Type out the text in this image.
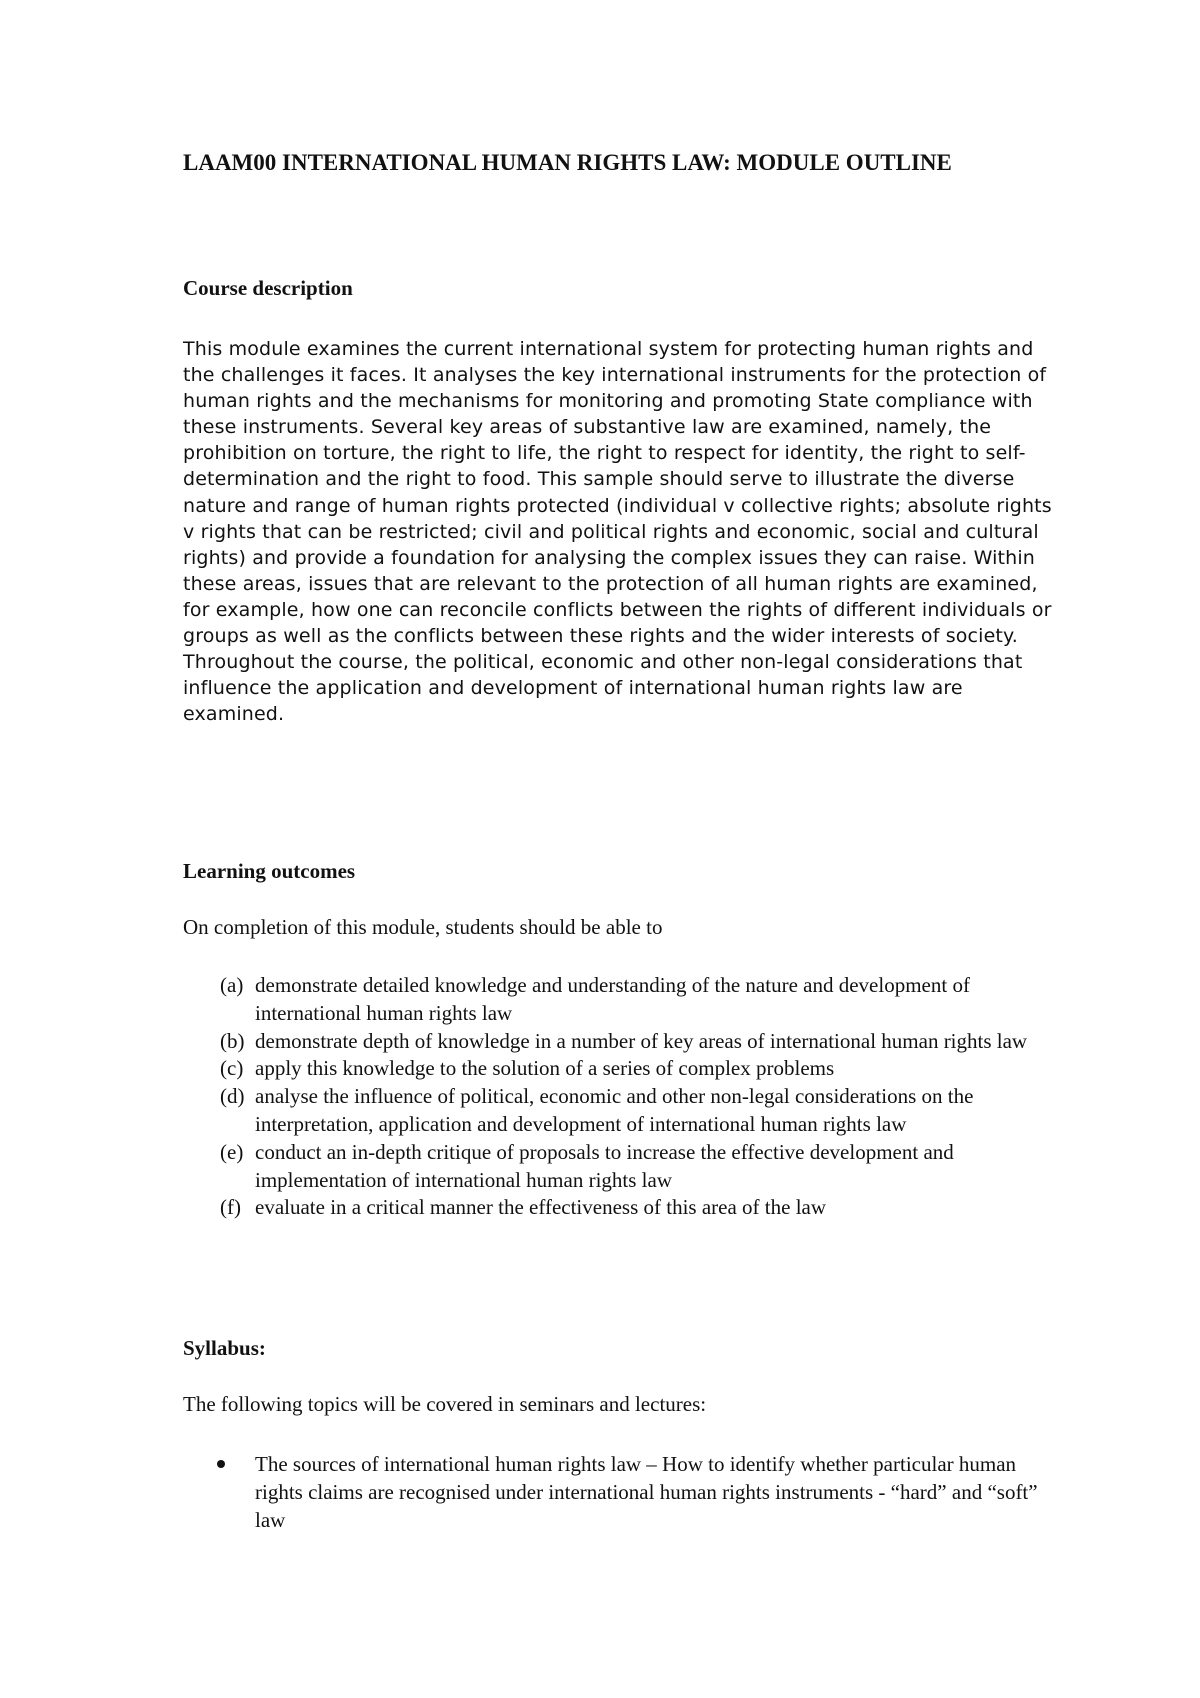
LAAM00 INTERNATIONAL HUMAN RIGHTS LAW: MODULE OUTLINE
Course description

This module examines the current international system for protecting human rights and the challenges it faces. It analyses the key international instruments for the protection of human rights and the mechanisms for monitoring and promoting State compliance with these instruments. Several key areas of substantive law are examined, namely, the prohibition on torture, the right to life, the right to respect for identity, the right to self-determination and the right to food. This sample should serve to illustrate the diverse nature and range of human rights protected (individual v collective rights; absolute rights v rights that can be restricted; civil and political rights and economic, social and cultural rights) and provide a foundation for analysing the complex issues they can raise. Within these areas, issues that are relevant to the protection of all human rights are examined, for example, how one can reconcile conflicts between the rights of different individuals or groups as well as the conflicts between these rights and the wider interests of society. Throughout the course, the political, economic and other non-legal considerations that influence the application and development of international human rights law are examined.

Learning outcomes

On completion of this module, students should be able to

(a) demonstrate detailed knowledge and understanding of the nature and development of international human rights law
(b) demonstrate depth of knowledge in a number of key areas of international human rights law
(c) apply this knowledge to the solution of a series of complex problems
(d) analyse the influence of political, economic and other non-legal considerations on the interpretation, application and development of international human rights law
(e) conduct an in-depth critique of proposals to increase the effective development and implementation of international human rights law
(f) evaluate in a critical manner the effectiveness of this area of the law
Syllabus:

The following topics will be covered in seminars and lectures:

The sources of international human rights law – How to identify whether particular human rights claims are recognised under international human rights instruments - “hard” and “soft” law
